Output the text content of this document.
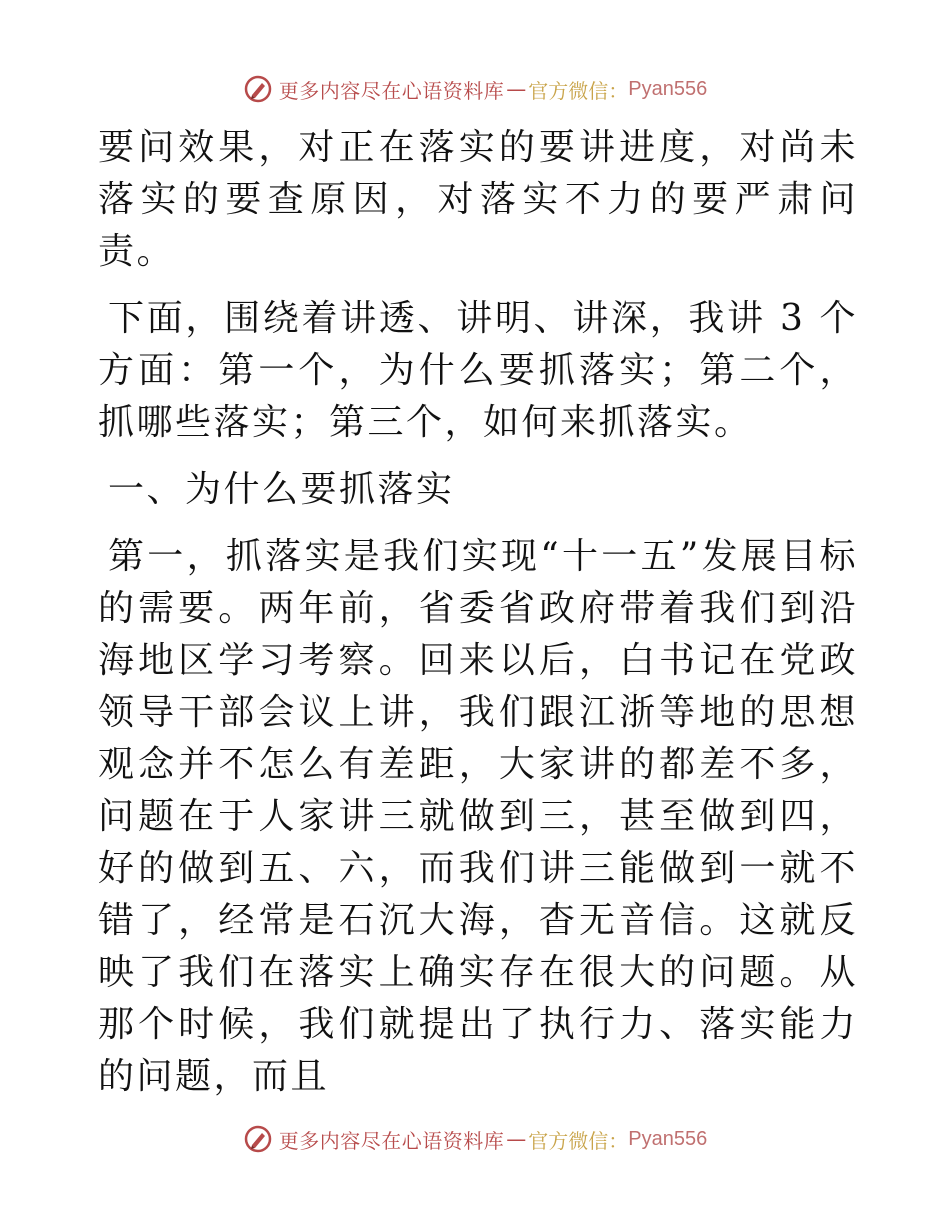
更多内容尽在心语资料库 — 官方微信： Pyan556

要问效果，对正在落实的要讲进度，对尚未落实的要查原因，对落实不力的要严肃问责。

下面，围绕着讲透、讲明、讲深，我讲 3 个方面：第一个，为什么要抓落实；第二个，抓哪些落实；第三个，如何来抓落实。

一、为什么要抓落实

第一，抓落实是我们实现“十一五”发展目标的需要。两年前，省委省政府带着我们到沿海地区学习考察。回来以后，白书记在党政领导干部会议上讲，我们跟江浙等地的思想观念并不怎么有差距，大家讲的都差不多，问题在于人家讲三就做到三，甚至做到四，好的做到五、六，而我们讲三能做到一就不错了，经常是石沉大海，杳无音信。这就反映了我们在落实上确实存在很大的问题。从那个时候，我们就提出了执行力、落实能力的问题，而且

更多内容尽在心语资料库 — 官方微信： Pyan556
